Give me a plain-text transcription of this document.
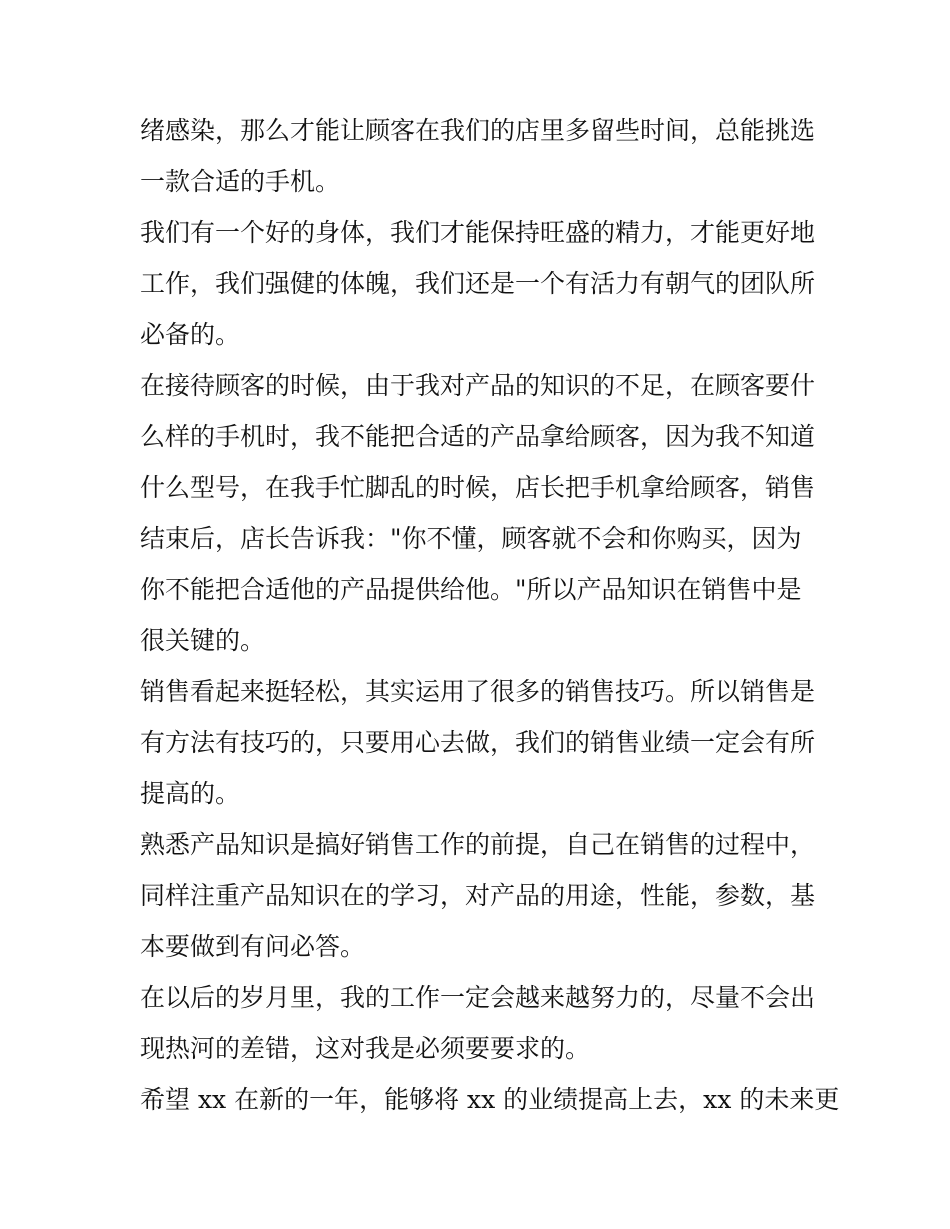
绪感染，那么才能让顾客在我们的店里多留些时间，总能挑选
一款合适的手机。
我们有一个好的身体，我们才能保持旺盛的精力，才能更好地
工作，我们强健的体魄，我们还是一个有活力有朝气的团队所
必备的。
在接待顾客的时候，由于我对产品的知识的不足，在顾客要什
么样的手机时，我不能把合适的产品拿给顾客，因为我不知道
什么型号，在我手忙脚乱的时候，店长把手机拿给顾客，销售
结束后，店长告诉我："你不懂，顾客就不会和你购买，因为
你不能把合适他的产品提供给他。"所以产品知识在销售中是
很关键的。
销售看起来挺轻松，其实运用了很多的销售技巧。所以销售是
有方法有技巧的，只要用心去做，我们的销售业绩一定会有所
提高的。
熟悉产品知识是搞好销售工作的前提，自己在销售的过程中，
同样注重产品知识在的学习，对产品的用途，性能，参数，基
本要做到有问必答。
在以后的岁月里，我的工作一定会越来越努力的，尽量不会出
现热河的差错，这对我是必须要要求的。
希望 xx 在新的一年，能够将 xx 的业绩提高上去，xx 的未来更
